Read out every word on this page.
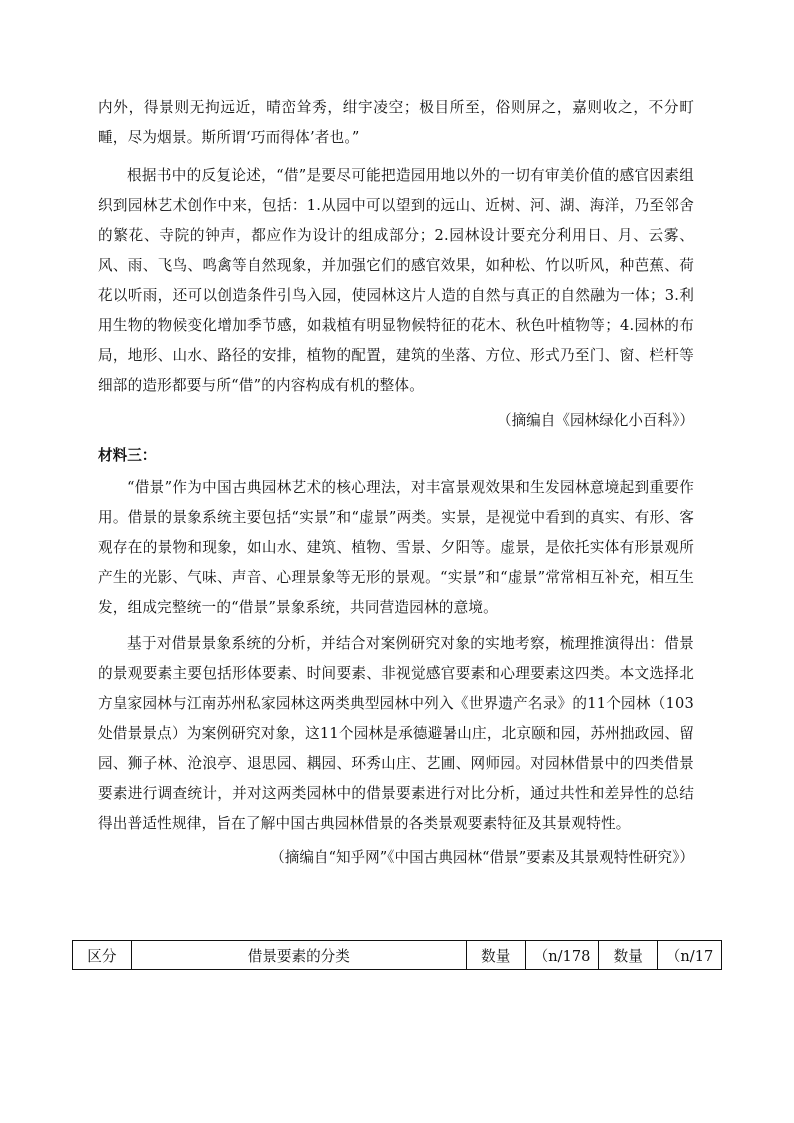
内外，得景则无拘远近，晴峦耸秀，绀宇凌空；极目所至，俗则屏之，嘉则收之，不分町畽，尽为烟景。斯所谓‘巧而得体’者也。”

根据书中的反复论述，“借”是要尽可能把造园用地以外的一切有审美价值的感官因素组织到园林艺术创作中来，包括：1.从园中可以望到的远山、近树、河、湖、海洋，乃至邻舍的繁花、寺院的钟声，都应作为设计的组成部分；2.园林设计要充分利用日、月、云雾、风、雨、飞鸟、鸣禽等自然现象，并加强它们的感官效果，如种松、竹以听风，种芭蕉、荷花以听雨，还可以创造条件引鸟入园，使园林这片人造的自然与真正的自然融为一体；3.利用生物的物候变化增加季节感，如栽植有明显物候特征的花木、秋色叶植物等；4.园林的布局，地形、山水、路径的安排，植物的配置，建筑的坐落、方位、形式乃至门、窗、栏杆等细部的造形都要与所“借”的内容构成有机的整体。

（摘编自《园林绿化小百科》）

材料三：

“借景”作为中国古典园林艺术的核心理法，对丰富景观效果和生发园林意境起到重要作用。借景的景象系统主要包括“实景”和“虚景”两类。实景，是视觉中看到的真实、有形、客观存在的景物和现象，如山水、建筑、植物、雪景、夕阳等。虚景，是依托实体有形景观所产生的光影、气味、声音、心理景象等无形的景观。“实景”和“虚景”常常相互补充，相互生发，组成完整统一的“借景”景象系统，共同营造园林的意境。

基于对借景景象系统的分析，并结合对案例研究对象的实地考察，梳理推演得出：借景的景观要素主要包括形体要素、时间要素、非视觉感官要素和心理要素这四类。本文选择北方皇家园林与江南苏州私家园林这两类典型园林中列入《世界遗产名录》的11个园林（103处借景景点）为案例研究对象，这11个园林是承德避暑山庄，北京颐和园，苏州拙政园、留园、狮子林、沧浪亭、退思园、耦园、环秀山庄、艺圃、网师园。对园林借景中的四类借景要素进行调查统计，并对这两类园林中的借景要素进行对比分析，通过共性和差异性的总结得出普适性规律，旨在了解中国古典园林借景的各类景观要素特征及其景观特性。

（摘编自“知乎网”《中国古典园林“借景”要素及其景观特性研究》）

区分	借景要素的分类	数量	（n/178	数量	（n/17
